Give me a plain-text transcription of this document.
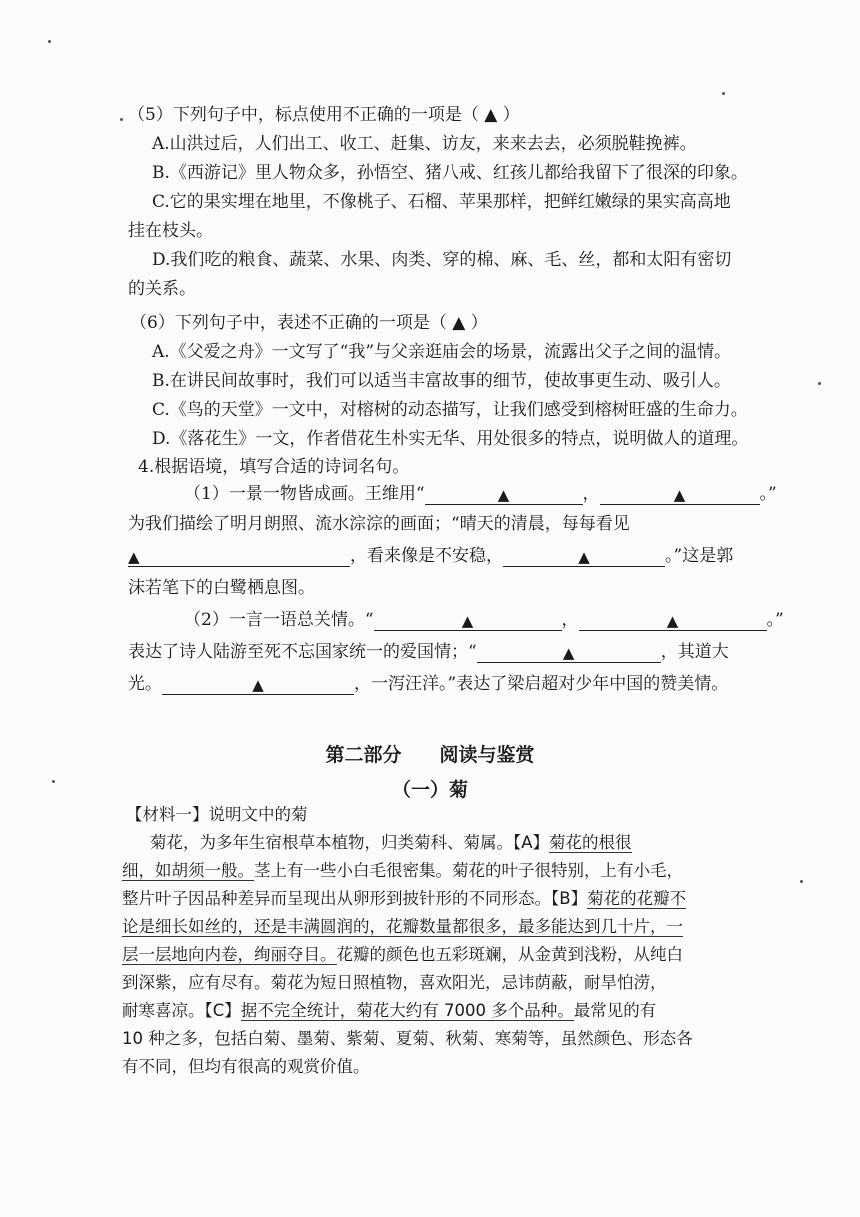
（5）下列句子中，标点使用不正确的一项是（ ▲ ）
A.山洪过后，人们出工、收工、赶集、访友，来来去去，必须脱鞋挽裤。
B.《西游记》里人物众多，孙悟空、猪八戒、红孩儿都给我留下了很深的印象。
C.它的果实埋在地里，不像桃子、石榴、苹果那样，把鲜红嫩绿的果实高高地
挂在枝头。
D.我们吃的粮食、蔬菜、水果、肉类、穿的棉、麻、毛、丝，都和太阳有密切
的关系。
（6）下列句子中，表述不正确的一项是（ ▲ ）
A.《父爱之舟》一文写了“我”与父亲逛庙会的场景，流露出父子之间的温情。
B.在讲民间故事时，我们可以适当丰富故事的细节，使故事更生动、吸引人。
C.《鸟的天堂》一文中，对榕树的动态描写，让我们感受到榕树旺盛的生命力。
D.《落花生》一文，作者借花生朴实无华、用处很多的特点，说明做人的道理。
4.根据语境，填写合适的诗词名句。
（1）一景一物皆成画。王维用“	▲	，	▲	。”
为我们描绘了明月朗照、流水淙淙的画面；“晴天的清晨，每每看见
▲	，看来像是不安稳，	▲	。”这是郭
沫若笔下的白鹭栖息图。
（2）一言一语总关情。“	▲	，	▲	。”
表达了诗人陆游至死不忘国家统一的爱国情；“	▲	，其道大
光。	▲	，一泻汪洋。”表达了梁启超对少年中国的赞美情。
第二部分　　阅读与鉴赏
（一）菊
【材料一】说明文中的菊
菊花，为多年生宿根草本植物，归类菊科、菊属。【A】菊花的根很
细，如胡须一般。茎上有一些小白毛很密集。菊花的叶子很特别，上有小毛，
整片叶子因品种差异而呈现出从卵形到披针形的不同形态。【B】菊花的花瓣不
论是细长如丝的，还是丰满圆润的，花瓣数量都很多，最多能达到几十片，一
层一层地向内卷，绚丽夺目。花瓣的颜色也五彩斑斓，从金黄到浅粉，从纯白
到深紫，应有尽有。菊花为短日照植物，喜欢阳光，忌讳荫蔽，耐旱怕涝，
耐寒喜凉。【C】据不完全统计，菊花大约有 7000 多个品种。最常见的有
10 种之多，包括白菊、墨菊、紫菊、夏菊、秋菊、寒菊等，虽然颜色、形态各
有不同，但均有很高的观赏价值。
